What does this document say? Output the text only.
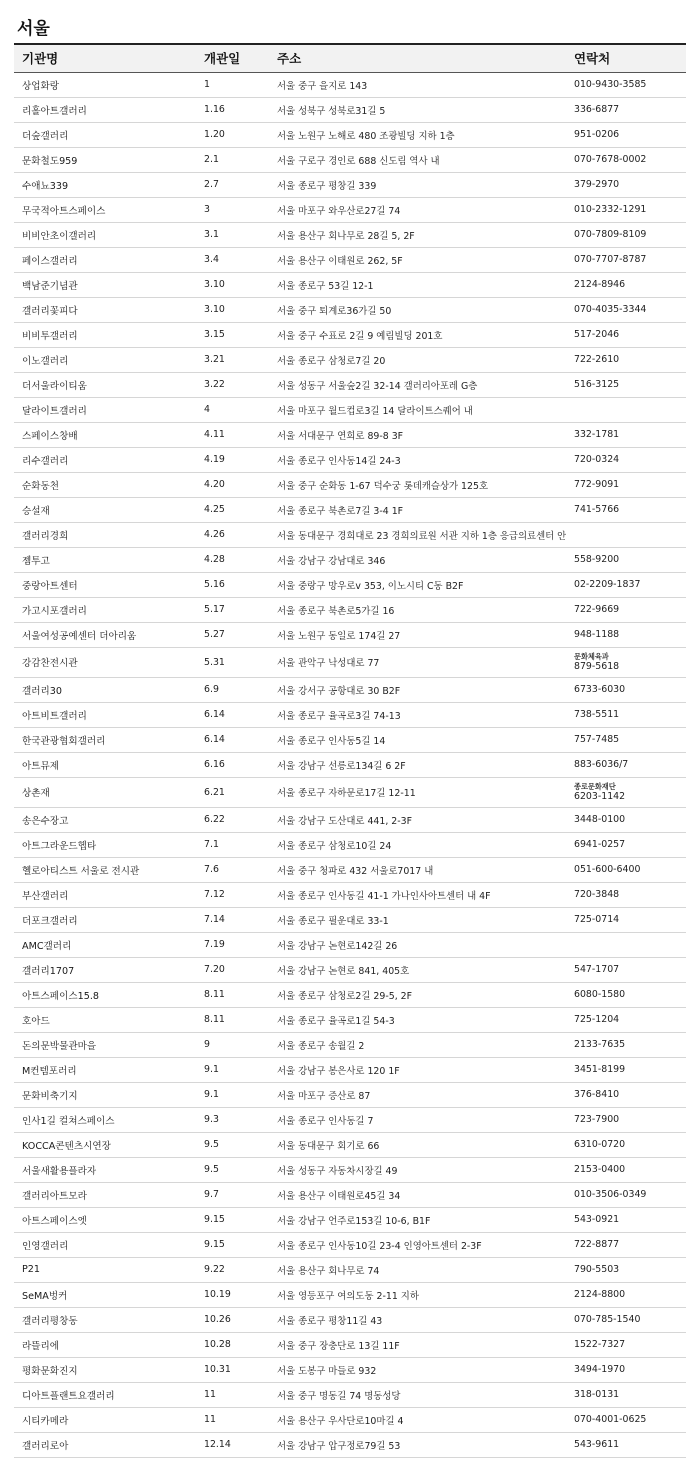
서울
기관명	개관일	주소	연락처
상업화랑	1	서울 중구 을지로 143	010-9430-3585
리홀아트갤러리	1.16	서울 성북구 성북로31길 5	336-6877
더숲갤러리	1.20	서울 노원구 노해로 480 조광빌딩 지하 1층	951-0206
문화철도959	2.1	서울 구로구 경인로 688 신도림 역사 내	070-7678-0002
수애뇨339	2.7	서울 종로구 평창길 339	379-2970
무국적아트스페이스	3	서울 마포구 와우산로27길 74	010-2332-1291
비비안초이갤러리	3.1	서울 용산구 회나무로 28길 5, 2F	070-7809-8109
페이스갤러리	3.4	서울 용산구 이태원로 262, 5F	070-7707-8787
백남준기념관	3.10	서울 종로구 53길 12-1	2124-8946
갤러리꽃피다	3.10	서울 중구 퇴계로36가길 50	070-4035-3344
비비투갤러리	3.15	서울 중구 수표로 2길 9 예림빌딩 201호	517-2046
이노갤러리	3.21	서울 종로구 삼청로7길 20	722-2610
더서울라이티움	3.22	서울 성동구 서울숲2길 32-14 갤러리아포레 G층	516-3125
달라이트갤러리	4	서울 마포구 월드컵로3길 14 달라이트스퀘어 내	
스페이스창배	4.11	서울 서대문구 연희로 89-8 3F	332-1781
리수갤러리	4.19	서울 종로구 인사동14길 24-3	720-0324
순화동천	4.20	서울 중구 순화동 1-67 덕수궁 롯데캐슬상가 125호	772-9091
승설재	4.25	서울 종로구 북촌로7길 3-4 1F	741-5766
갤러리경희	4.26	서울 동대문구 경희대로 23 경희의료원 서관 지하 1층 응급의료센터 안	
젬투고	4.28	서울 강남구 강남대로 346	558-9200
중랑아트센터	5.16	서울 중랑구 망우로v 353, 이노시티 C동 B2F	02-2209-1837
가고시포갤러리	5.17	서울 종로구 북촌로5가길 16	722-9669
서울여성공예센터 더아리움	5.27	서울 노원구 동일로 174길 27	948-1188
강감찬전시관	5.31	서울 관악구 낙성대로 77	문화체육과
879-5618

갤러리30	6.9	서울 강서구 공항대로 30 B2F	6733-6030
아트비트갤러리	6.14	서울 종로구 율곡로3길 74-13	738-5511
한국관광협회갤러리	6.14	서울 종로구 인사동5길 14	757-7485
아트뮤제	6.16	서울 강남구 선릉로134길 6 2F	883-6036/7
상촌재	6.21	서울 종로구 자하문로17길 12-11	종로문화재단
6203-1142

송은수장고	6.22	서울 강남구 도산대로 441, 2-3F	3448-0100
아트그라운드헵타	7.1	서울 종로구 삼청로10길 24	6941-0257
헬로아티스트 서울로 전시관	7.6	서울 중구 청파로 432 서울로7017 내	051-600-6400
부산갤러리	7.12	서울 종로구 인사동길 41-1 가나인사아트센터 내 4F	720-3848
더포크갤러리	7.14	서울 종로구 필운대로 33-1	725-0714
AMC갤러리	7.19	서울 강남구 논현로142길 26	
갤러리1707	7.20	서울 강남구 논현로 841, 405호	547-1707
아트스페이스15.8	8.11	서울 종로구 삼청로2길 29-5, 2F	6080-1580
호아드	8.11	서울 종로구 율곡로1길 54-3	725-1204
돈의문박물관마을	9	서울 종로구 송월길 2	2133-7635
M컨템포러리	9.1	서울 강남구 봉은사로 120 1F	3451-8199
문화비축기지	9.1	서울 마포구 증산로 87	376-8410
인사1길 컬쳐스페이스	9.3	서울 종로구 인사동길 7	723-7900
KOCCA콘텐츠시연장	9.5	서울 동대문구 회기로 66	6310-0720
서울새활용플라자	9.5	서울 성동구 자동차시장길 49	2153-0400
갤러리아트모라	9.7	서울 용산구 이태원로45길 34	010-3506-0349
아트스페이스엣	9.15	서울 강남구 언주로153길 10-6, B1F	543-0921
인영갤러리	9.15	서울 종로구 인사동10길 23-4 인영아트센터 2-3F	722-8877
P21	9.22	서울 용산구 회나무로 74	790-5503
SeMA벙커	10.19	서울 영등포구 여의도동 2-11 지하	2124-8800
갤러리평창동	10.26	서울 종로구 평창11길 43	070-785-1540
라뜰리에	10.28	서울 중구 장충단로 13길 11F	1522-7327
평화문화진지	10.31	서울 도봉구 마들로 932	3494-1970
디아트플랜트요갤러리	11	서울 중구 명동길 74 명동성당	318-0131
시티카메라	11	서울 용산구 우사단로10마길 4	070-4001-0625
갤러리로아	12.14	서울 강남구 압구정로79길 53	543-9611
